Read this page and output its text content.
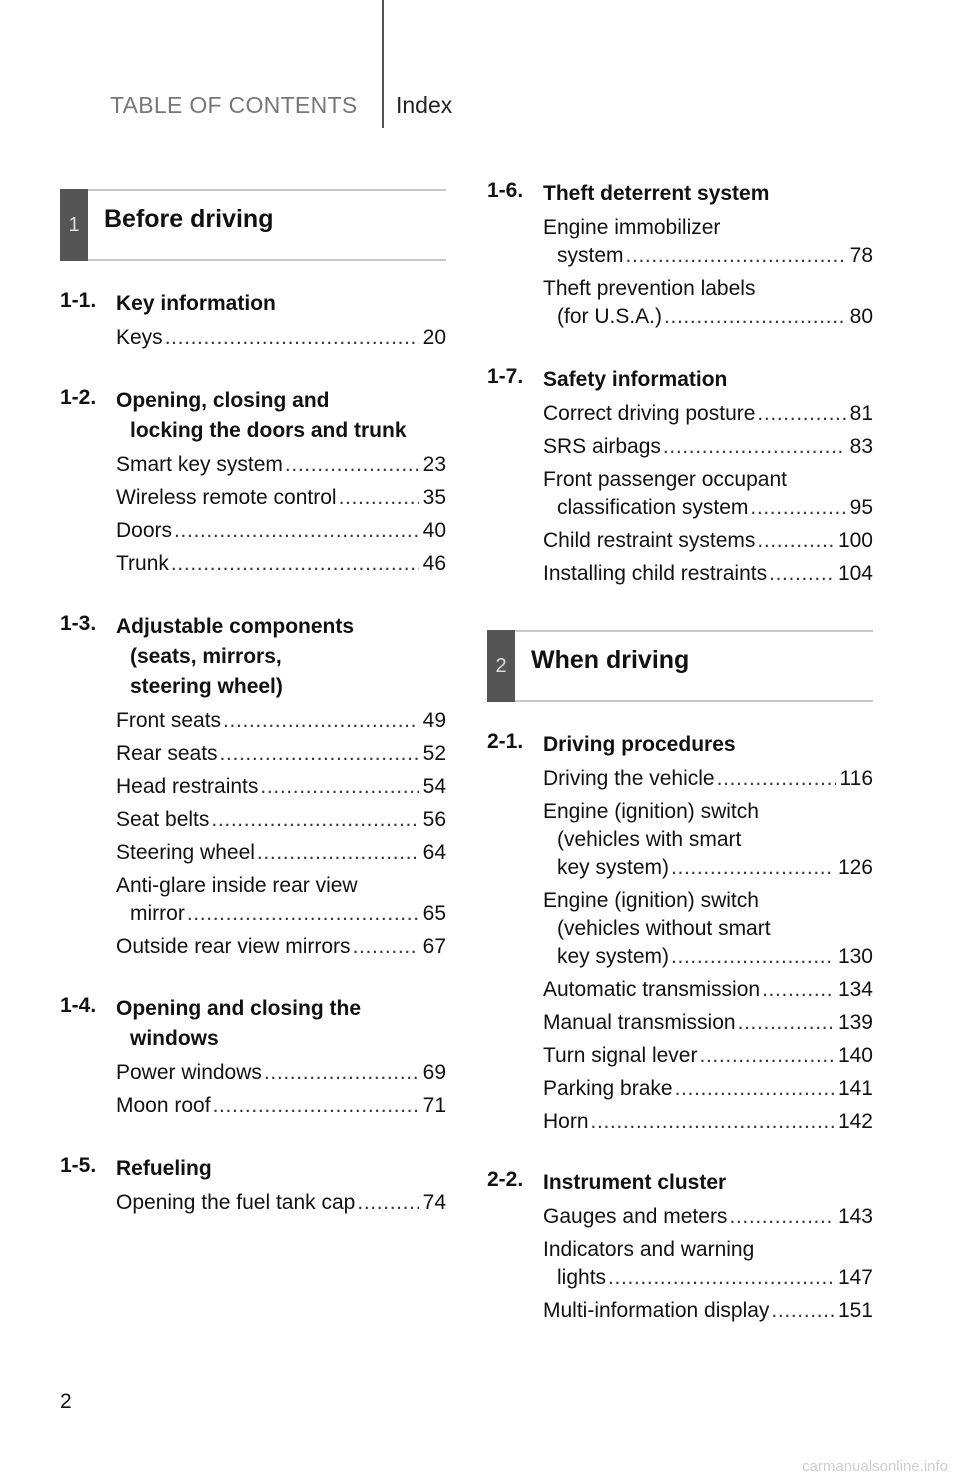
TABLE OF CONTENTS Index
1 Before driving
1-1. Key information
Keys . . .	20
1-2. Opening, closing and
locking the doors and trunk
Smart key system . . .	23
Wireless remote control . . .	35
Doors . . .	40
Trunk . . .	46
1-3. Adjustable components
(seats, mirrors,
steering wheel)
Front seats . . .	49
Rear seats . . .	52
Head restraints . . .	54
Seat belts . . .	56
Steering wheel . . .	64
Anti-glare inside rear view
mirror . . .	65
Outside rear view mirrors . . .	67
1-4. Opening and closing the
windows
Power windows . . .	69
Moon roof . . .	71
1-5. Refueling
Opening the fuel tank cap . . .	74
1-6. Theft deterrent system
Engine immobilizer
system . . .	78
Theft prevention labels
(for U.S.A.) . . .	80
1-7. Safety information
Correct driving posture . . .	81
SRS airbags . . .	83
Front passenger occupant
classification system . . .	95
Child restraint systems . . .	100
Installing child restraints . . .	104
2 When driving
2-1. Driving procedures
Driving the vehicle . . .	116
Engine (ignition) switch
(vehicles with smart
key system) . . .	126
Engine (ignition) switch
(vehicles without smart
key system) . . .	130
Automatic transmission . . .	134
Manual transmission . . .	139
Turn signal lever . . .	140
Parking brake . . .	141
Horn . . .	142
2-2. Instrument cluster
Gauges and meters . . .	143
Indicators and warning
lights . . .	147
Multi-information display . . .	151
2
carmanualsonline.info
